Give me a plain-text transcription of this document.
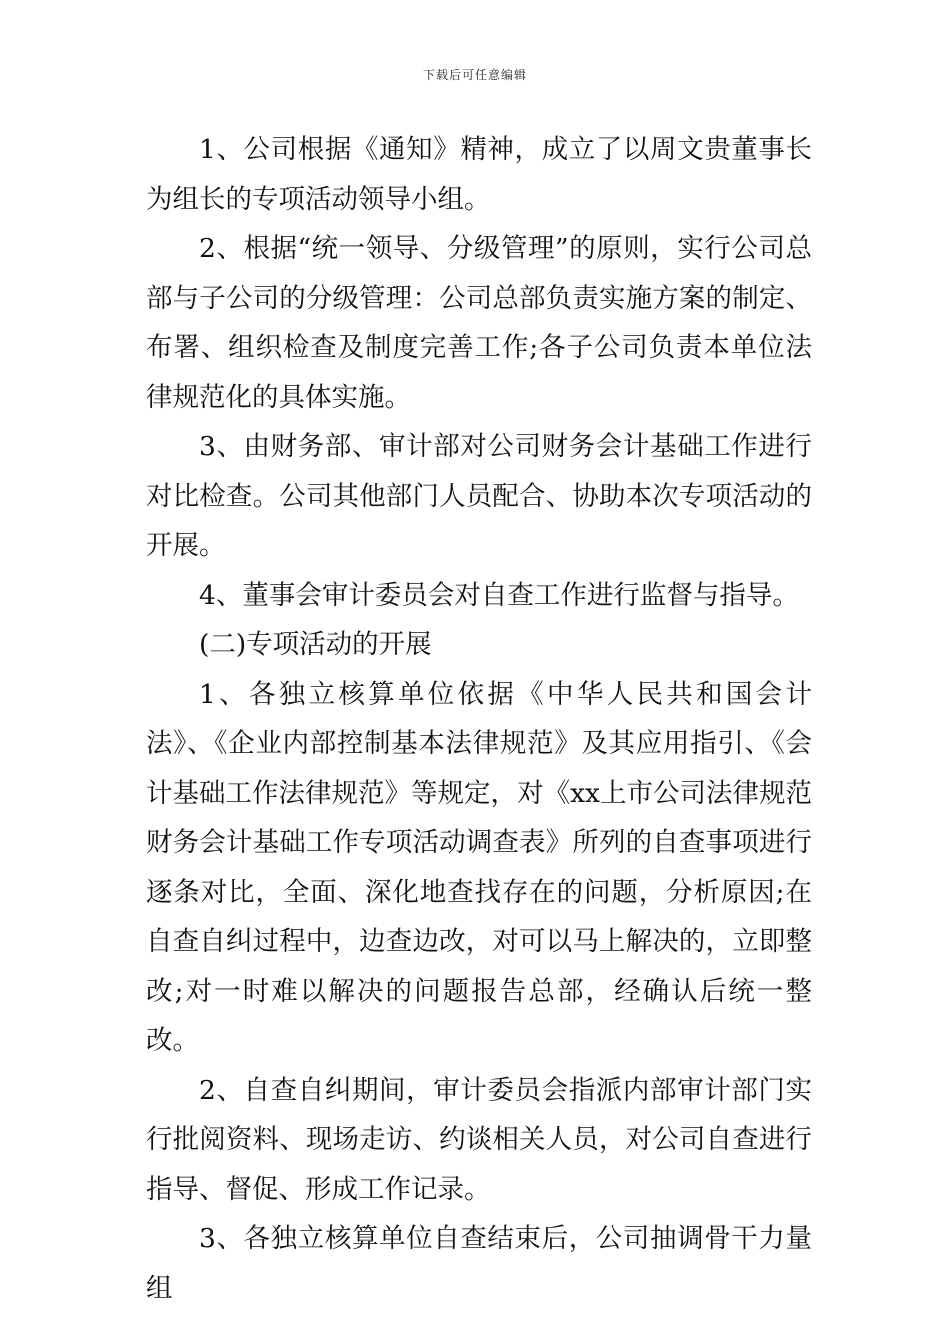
下载后可任意编辑

1、公司根据《通知》精神，成立了以周文贵董事长为组长的专项活动领导小组。

2、根据“统一领导、分级管理”的原则，实行公司总部与子公司的分级管理：公司总部负责实施方案的制定、布署、组织检查及制度完善工作;各子公司负责本单位法律规范化的具体实施。

3、由财务部、审计部对公司财务会计基础工作进行对比检查。公司其他部门人员配合、协助本次专项活动的开展。

4、董事会审计委员会对自查工作进行监督与指导。

(二)专项活动的开展

1、各独立核算单位依据《中华人民共和国会计法》、《企业内部控制基本法律规范》及其应用指引、《会计基础工作法律规范》等规定，对《xx上市公司法律规范财务会计基础工作专项活动调查表》所列的自查事项进行逐条对比，全面、深化地查找存在的问题，分析原因;在自查自纠过程中，边查边改，对可以马上解决的，立即整改;对一时难以解决的问题报告总部，经确认后统一整改。

2、自查自纠期间，审计委员会指派内部审计部门实行批阅资料、现场走访、约谈相关人员，对公司自查进行指导、督促、形成工作记录。

3、各独立核算单位自查结束后，公司抽调骨干力量组
